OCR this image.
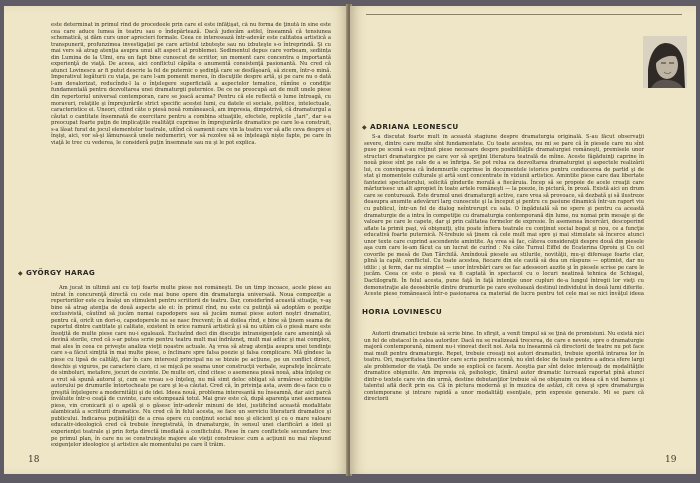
este determinat în primul rînd de procedeele prin care el este înfăţişat, că nu forma de ţinută în sine este cea care aduce lumea în teatru sau o îndepărtează. Dacă judecăm astfel, înseamnă că tensiunea schematică, și dăm curs unor aprecieri formale. Ceea ce interesează într-adevăr este calitatea artistică a transpunerii, profunzimea investigaţiei pe care artistul izbuteşte sau nu izbuteşte s-o întreprindă. Şi cu mai vers să atrag atenţia asupra unui alt aspect al problemei. Sedimentul depus care vorbeam, sediința din Lumina de la Ulmi, era un fapt bine cunoscut de scriitor, un moment care concentra o importantă experienţă de viaţă. De aceea, aici conflictul căpăta o anumentă consistenţă pasionantă. Nu cred că atunci Lovinescu ar fi putut descrie la fel de puternic o şedinţă care se desfăşoară, să zicem, într-o mină. Imperativul legăturii cu viaţa, pe care l-am pomenit mereu, în discuţiile despre artă, şi pe care nu o dată l-am devalorizat, reducîndu-l la o înţelegere superficială a aspectelor tematice, rămîne o condiţie fundamentală pentru dezvoltarea unei dramaturgii puternice. De ce ne preocupă azi de mult unele piese din repertoriul universal contemporan, care se joacă acuma? Pentru că ele reflectă o lume întreagă, cu moravuri, relaţiile şi împrejurările strict specific acestei lumi, cu datele ei sociale, politice, intelectuale, caracteristice ei. Uneori, citind câte o piesă nouă românească, am impresia, dimpotrivă, că dramaturgul a căutat o cantitate însemnată de exercitare pentru a combina situaţiile, efectele, replicile „tari”, dar s-a preocupat foarte puţin de implicaţiile realităţii cuprinse în împrejurările dramatice pe care le-a construit, s-a lăsat furat de jocul elementelor teatrale, uitînd că oamenii care vin la teatru vor să afle ceva despre ei înşişi, aici, vor să-şi lămurească unele nedumeriri, vor să rezolve să se înţeleagă niște fapte, pe care în viaţă le trec cu vederea, le consideră puţin însemnate sau nu şi le pot explica.

◆ GYÖRGY HARAG

Am jucat în ultimii ani cu toţi foarte multe piese noi româneşti. De un timp încoace, acele piese au intrat în concurenţă directă cu cele mai bune opere din dramaturgia universală. Noua compoziţie a repertoriilor este cu însăşi un stimulent pentru scriitorii de teatru. Dar, considerînd această situaţie, v-aş bine să atrag atenţia de două aspecte ale ei: în primul rînd, nu este cu putinţă să adoptăm o poziţie exclusivistă, căutînd să jucăm numai capodopere sau să jucăm numai piese autori noştri dramatici, pentru că, oricît un dori-o, capodoperele nu se nasc frecvent; în al doilea rînd, e bine să ţinem seama de raportul dintre cantitate şi calitate, existent în orice ramură artistică şi să nu uităm că o piesă mare este însoţită de multe piese care nu-i egalează. Excluzînd deci din discuţie intransigenţele care ameninţă să devină sterile, cred că s-ar putea scrie pentru teatru mult mai îndrăzneţ, mult mai adînc şi mai complex, mai ales în ceea ce priveşte analiza vieţii noastre actuale. Aş vrea să atrag atenţia asupra unei tendinţe care s-a făcut simţită în mai multe piese, o înclinare spre falsa poezie şi falsa complicare. Mă gîndesc la piese cu lipsă de calităţi, dar în care interesul principal nu se bizuie pe acţiune, pe un conflict direct, deschis şi viguros, pe caractere clare, ci se mişcă pe seama unor construcţii verbale, suprafeţe încărcate de simboluri, metafore, jocuri de cuvinte. De multe ori, cînd citesc o asemenea piesă nouă, abia înţeleg ce a vrut să spună autorul şi, cum se vreau s-o înţeleg, nu mă simt deloc obligat să urmăresc exhibiţiile autorului pe drumurile întortocheate pe care şi le-a căutat. Cred că, în privinţa asta, avem de-a face cu o greşită înţelegere a modernităţii şi de idei. Ideea nouă, problema interesantă nu înseamnă, dar aici parcă învăluite într-o ceaţă de cuvinte, care estompează totul. Mai grav este că, după aparenţa unei asemenea piese, vin cronicarii şi o apelă şi o găsesc într-adevăr minuni de idei, justificînd această modalitate alambicată a scriiturii dramatice. Nu cred că în felul acesta, se face un serviciu literaturii dramatice şi publicului. Indicarea puţinătăţii de a crea opere cu conţinut social nou şi elicient şi cu o mare valoare educativ-ideologică cred că trebuie înregistrată, în dramaturgie, în sensul unei clarificări a ideii şi experienţei teatrale şi prin forţa directă imediată a conflictului. Piese în care conflictele secundare trec pe primul plan, în care nu se construieşte majore ale vieţii construiesc cum a acţiunii nu mai răspund exigenţelor ideologice şi artistice ale momentului pe care îl trăim.

18
◆ ADRIANA LEONESCU

S-a discutat foarte mult în această stagiune despre dramaturgia originală. S-au făcut observaţii severe, dintre care multe sînt fundamentate. Cu toate acestea, nu mi se pare că în piesele care nu sînt puse pe scenă s-au reţinut piese necesare despre posibilităţile dramaturgiei româneşti, premisele unor structuri dramaturgice pe care vor să sprijini literatura teatrală de mîine. Aceste făgăduinţi caprine în nouă piese sînt pe cale de a se înfiripa. Se pot relua ca dezvoltarea dramaturgiei şi aspectele realizării lui, cu convingerea că îndemnurile cuprinse în documentele istorice pentru conducerea de partid şi de stat şi momentele culturale şi artă sunt concentrate în viziunii artistice. Amintite piese care dau libertate fanteziei spectatorului, solicită gîndurile morală a fiecăruia. Încep să se propoie de acele creaţii care mărturisesc un alt apropiet în toate artele româneşti — la poezie, în pictură, în proză. Există aici un drum care se conturează. Este drumul unei dramaturgii active, care vrea să provoace, să dezbată şi să ilustreze deasupra anumite adevăruri larg cunoscute şi la început şi pentru cu pasiune dinamică într-un raport viu cu publicul, într-un fel de dialog neîntrerupt cu sala. O îngăduială să ne spere şi pentru ca această dramaturgie de a intra în competiţie cu dramaturgia contemporană din lume, nu numai prin mesaje şi de valoare pe care le capete, dar şi prin calitatea formelor de expresie. În asemenea încercări, descoperind aflate la primii paşi, vă obişnuiţi, ştiu poate înfiera teatrale cu conţinut social bogat şi nou, ce a funcţie educativă foarte puternică. N-trebuie să ţinem că cele mult mai spre şi mai stimulate să încerce atunci unor texte care cuprind ascendente amintite. Aş vrea să fac, câteva consideraţii despre două din piesele aşa cum care le-am făcut ca un lucrat de curînd : Nu câte Turnul Eiffel de Ecaterina Oproiu şi Cu cel covorile pe mesă de Dan Tărchilă. Amîndouă piesele au stilurile, novităţii, mu-şi difereaşe foarte clar, plină la capăt, conflictul. Cu toate acestea, fiecare din ele caută să dea un răspuns — optimist, dar nu idilic ; şi ferm, dar nu simplist — unor întrebări care se fac adesseori auzite şi în piesele scrise pe care le jucăm. Ceea ce este o piesă va fi captată în spectacol cu o locuri neatinsă tehnica de Schisgal, Dactilografii. În felul acesta, pune faţă în faţă intenţie unor cupluri de-a lungul întregii lor vieţi cu demonstraţie ale deosebirile dintre drumurile pe care evoluează destinul individului în două lumi diferite. Aceste piese românească într-o pasionarea ca material de lucru pentru tot cele mai se nici învăţul ideea

HORIA LOVINESCU

Autorii dramatici trebuie să scrie bine. În sfîrşit, a venit timpul să se ţină de promisiuni. Nu există nici un fel de obstacol în calea autorilor. Dacă nu se realizează trecerea, de care e nevoie, spre o dramaturgie majoră contemporană, nimeni nu-i vinovat decît noi. Asta nu înseamnă că directorii de teatre nu pot face mai mult pentru dramaturgie. Repet, trebuie creeaţi noi autori dramatici, trebuie sporită intrarea lor în teatru. Ori, majoritatea tinerilor care scriu pentru scenă, nu sînt deloc de toate pentru a adnca sfere largi ale problemelor de viaţă. De unde se explică ce facem. Aceştia par sînt deloc interesaţi de modalităţile dramatice obişnuite. Am impresia că, psihologic, tînărul autor dramatic lucrează raportat pînă atunci dintr-o textele care vin din urmă, destine debutanţilor trebuie să ne obişnuim cu ideea că n vid bamos şi talentul află decît prin ea. Că în pictura modernă şi în muzica de astăzi, cît ceva şi spre dramaturgia contemporane şi intrare rapidă a unor modalităţi esenţiale, prin expresie generale. Mi se pare că directorii

19
